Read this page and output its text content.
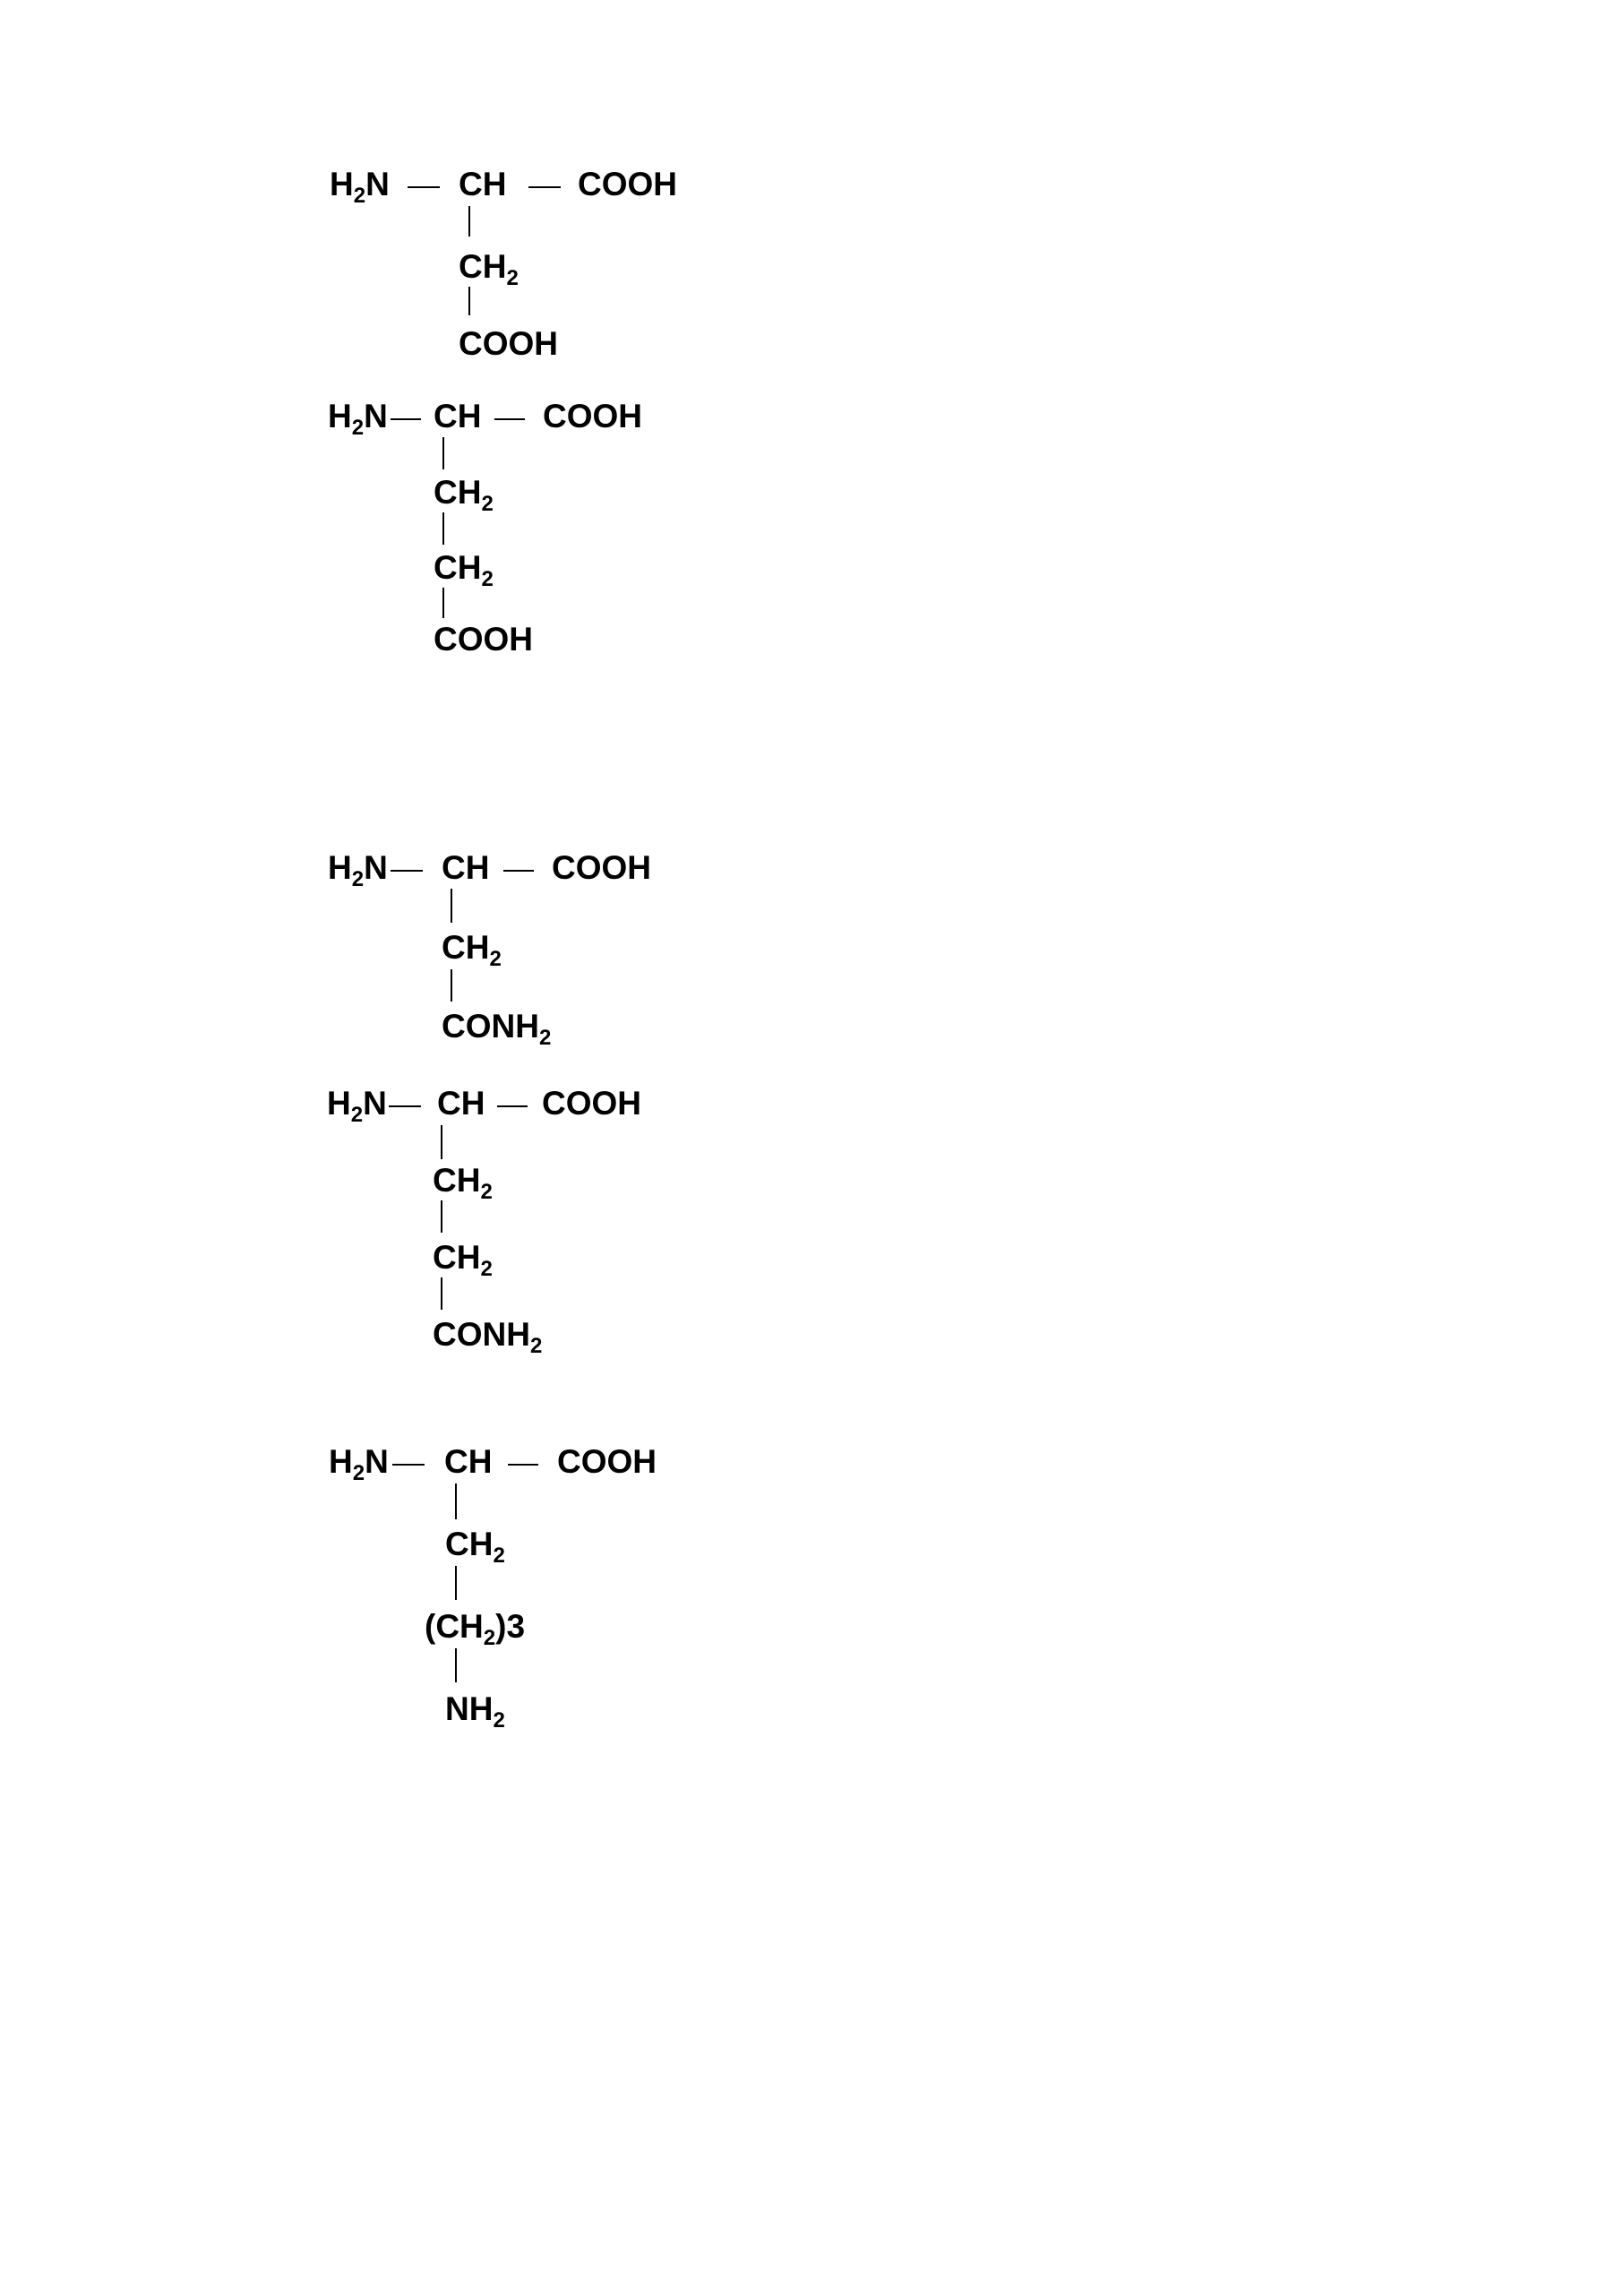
$H_2N$ CH COOH
$CH_2$
COOH
$H_2N$ CH COOH
$CH_2$
$CH_2$
COOH
$H_2N$ CH COOH
$CH_2$
$CONH_2$
$H_2N$ CH COOH
$CH_2$
$CH_2$
$CONH_2$
$H_2N$ CH COOH
$CH_2$
$(CH_2)3$
$NH_2$
